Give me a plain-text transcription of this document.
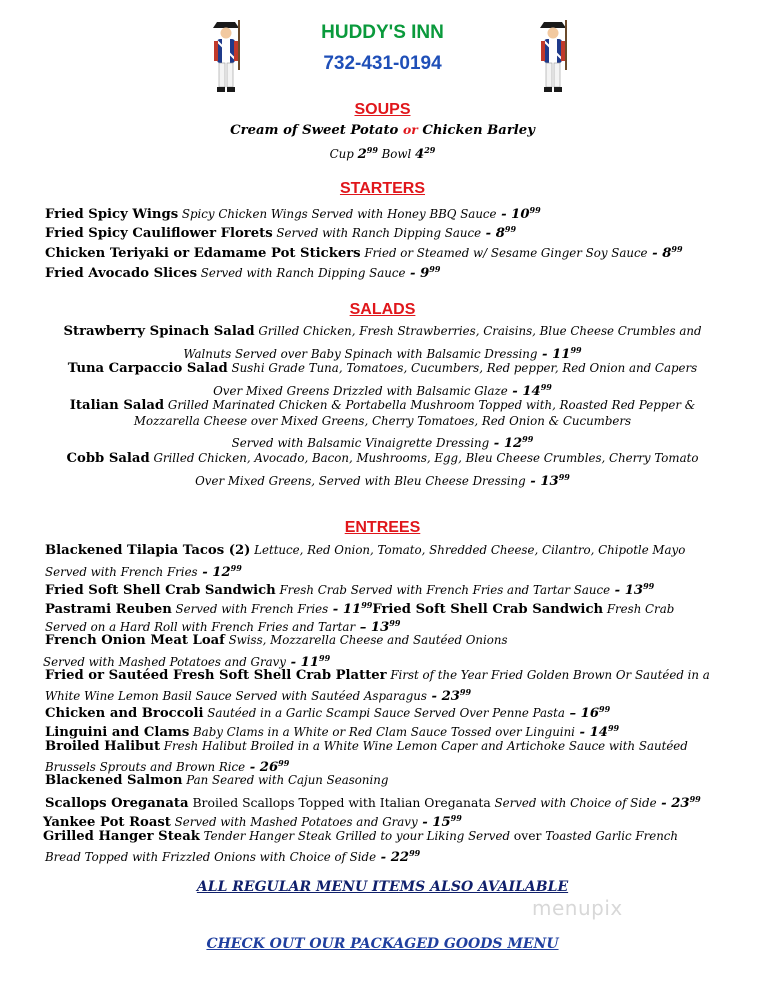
HUDDY'S INN
732-431-0194
SOUPS
Cream of Sweet Potato or Chicken Barley
Cup $2^{99}$ Bowl $4^{29}$
STARTERS
Fried Spicy Wings Spicy Chicken Wings Served with Honey BBQ Sauce - $10^{99}$
Fried Spicy Cauliflower Florets Served with Ranch Dipping Sauce - $8^{99}$
Chicken Teriyaki or Edamame Pot Stickers Fried or Steamed w/ Sesame Ginger Soy Sauce - $8^{99}$
Fried Avocado Slices Served with Ranch Dipping Sauce - $9^{99}$
SALADS
Strawberry Spinach Salad Grilled Chicken, Fresh Strawberries, Craisins, Blue Cheese Crumbles and
Walnuts Served over Baby Spinach with Balsamic Dressing - $11^{99}$
Tuna Carpaccio Salad Sushi Grade Tuna, Tomatoes, Cucumbers, Red pepper, Red Onion and Capers
Over Mixed Greens Drizzled with Balsamic Glaze - $14^{99}$
Italian Salad Grilled Marinated Chicken & Portabella Mushroom Topped with, Roasted Red Pepper &
Mozzarella Cheese over Mixed Greens, Cherry Tomatoes, Red Onion & Cucumbers
Served with Balsamic Vinaigrette Dressing - $12^{99}$
Cobb Salad Grilled Chicken, Avocado, Bacon, Mushrooms, Egg, Bleu Cheese Crumbles, Cherry Tomato
Over Mixed Greens, Served with Bleu Cheese Dressing - $13^{99}$
ENTREES
Blackened Tilapia Tacos (2) Lettuce, Red Onion, Tomato, Shredded Cheese, Cilantro, Chipotle Mayo
Served with French Fries - $12^{99}$
Fried Soft Shell Crab Sandwich Fresh Crab Served with French Fries and Tartar Sauce - $13^{99}$
Pastrami Reuben Served with French Fries - $11^{99}Fried$ Soft Shell Crab Sandwich Fresh Crab
Served on a Hard Roll with French Fries and Tartar – $13^{99}$
French Onion Meat Loaf Swiss, Mozzarella Cheese and Sautéed Onions
Served with Mashed Potatoes and Gravy - $11^{99}$
Fried or Sautéed Fresh Soft Shell Crab Platter First of the Year Fried Golden Brown Or Sautéed in a
White Wine Lemon Basil Sauce Served with Sautéed Asparagus - $23^{99}$
Chicken and Broccoli Sautéed in a Garlic Scampi Sauce Served Over Penne Pasta – $16^{99}$
Linguini and Clams Baby Clams in a White or Red Clam Sauce Tossed over Linguini - $14^{99}$
Broiled Halibut Fresh Halibut Broiled in a White Wine Lemon Caper and Artichoke Sauce with Sautéed
Brussels Sprouts and Brown Rice - $26^{99}$
Blackened Salmon Pan Seared with Cajun Seasoning
Scallops Oreganata Broiled Scallops Topped with Italian Oreganata Served with Choice of Side - $23^{99}$
Yankee Pot Roast Served with Mashed Potatoes and Gravy - $15^{99}$
Grilled Hanger Steak Tender Hanger Steak Grilled to your Liking Served over Toasted Garlic French
Bread Topped with Frizzled Onions with Choice of Side - $22^{99}$
ALL REGULAR MENU ITEMS ALSO AVAILABLE
CHECK OUT OUR PACKAGED GOODS MENU
menupix
